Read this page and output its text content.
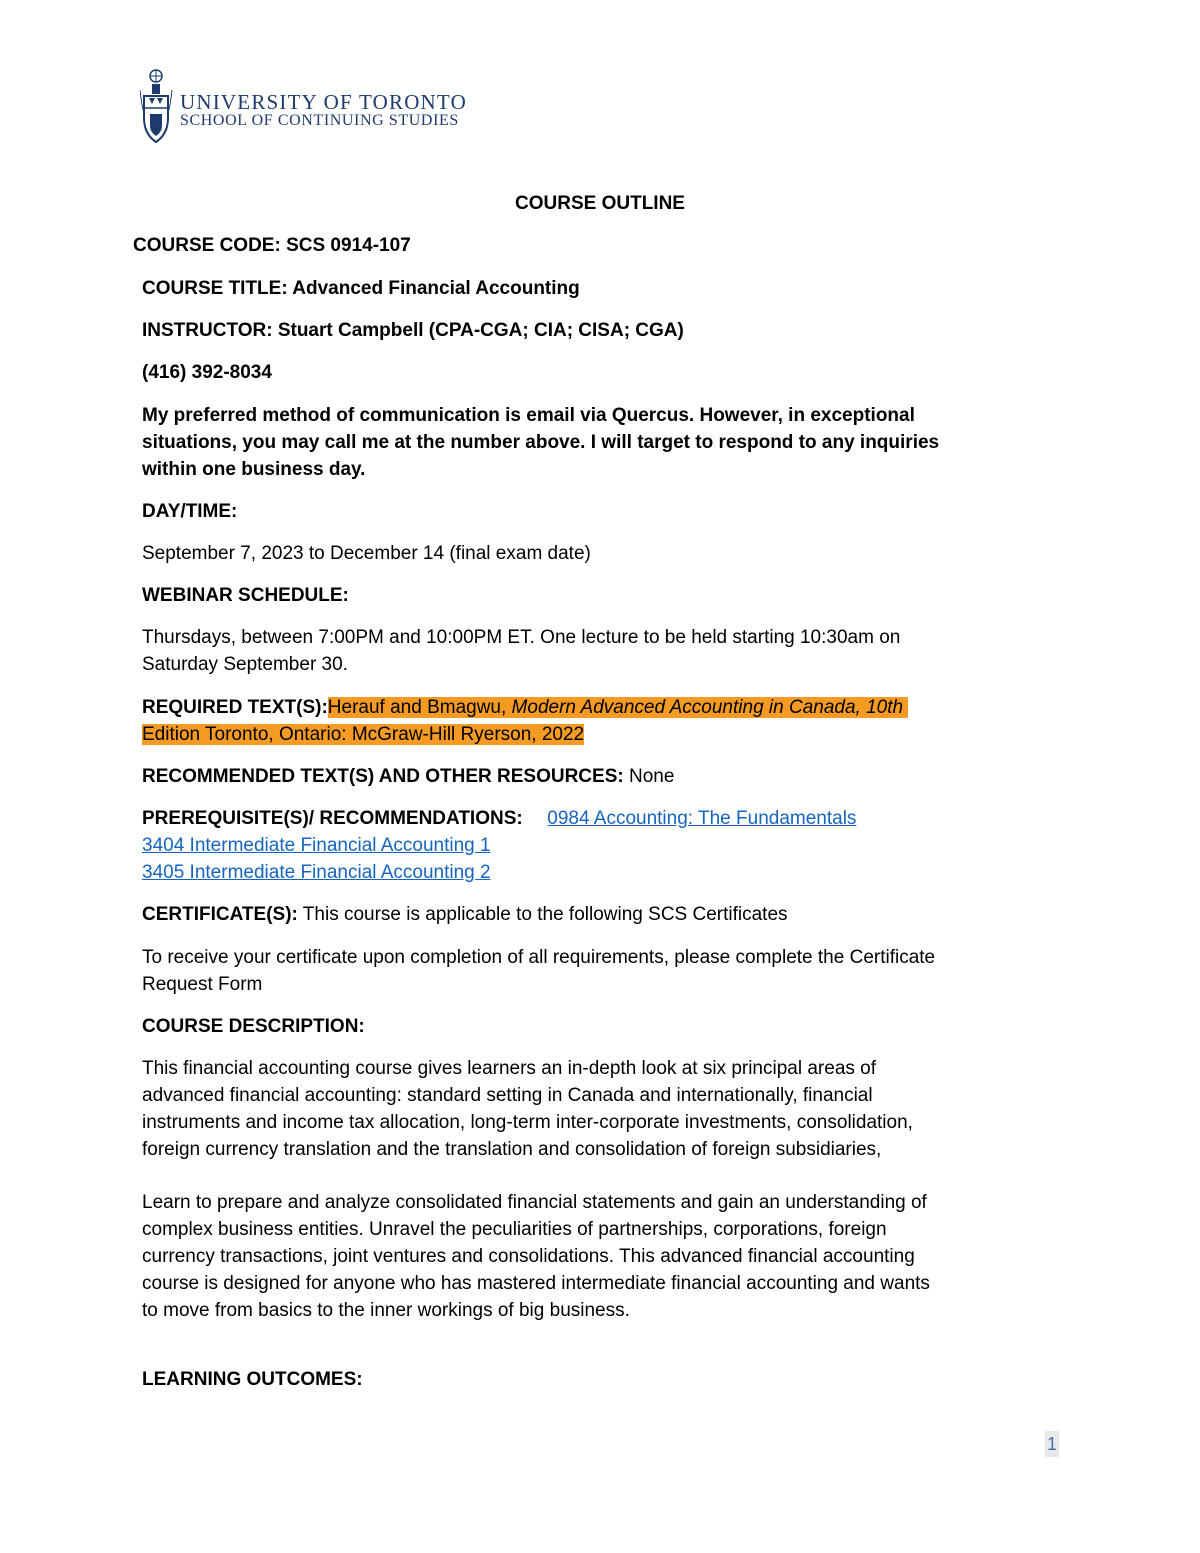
UNIVERSITY OF TORONTO
SCHOOL OF CONTINUING STUDIES
COURSE OUTLINE
COURSE CODE: SCS 0914-107
COURSE TITLE: Advanced Financial Accounting
INSTRUCTOR: Stuart Campbell (CPA-CGA; CIA; CISA; CGA)
(416) 392-8034
My preferred method of communication is email via Quercus. However, in exceptional
situations, you may call me at the number above. I will target to respond to any inquiries
within one business day.
DAY/TIME:
September 7, 2023 to December 14 (final exam date)
WEBINAR SCHEDULE:
Thursdays, between 7:00PM and 10:00PM ET. One lecture to be held starting 10:30am on
Saturday September 30.
REQUIRED TEXT(S):Herauf and Bmagwu, Modern Advanced Accounting in Canada, 10th
Edition Toronto, Ontario: McGraw-Hill Ryerson, 2022
RECOMMENDED TEXT(S) AND OTHER RESOURCES: None
PREREQUISITE(S)/ RECOMMENDATIONS: 0984 Accounting: The Fundamentals
3404 Intermediate Financial Accounting 1
3405 Intermediate Financial Accounting 2
CERTIFICATE(S): This course is applicable to the following SCS Certificates
To receive your certificate upon completion of all requirements, please complete the Certificate
Request Form
COURSE DESCRIPTION:
This financial accounting course gives learners an in-depth look at six principal areas of
advanced financial accounting: standard setting in Canada and internationally, financial
instruments and income tax allocation, long-term inter-corporate investments, consolidation,
foreign currency translation and the translation and consolidation of foreign subsidiaries,
Learn to prepare and analyze consolidated financial statements and gain an understanding of
complex business entities. Unravel the peculiarities of partnerships, corporations, foreign
currency transactions, joint ventures and consolidations. This advanced financial accounting
course is designed for anyone who has mastered intermediate financial accounting and wants
to move from basics to the inner workings of big business.
LEARNING OUTCOMES:
1
